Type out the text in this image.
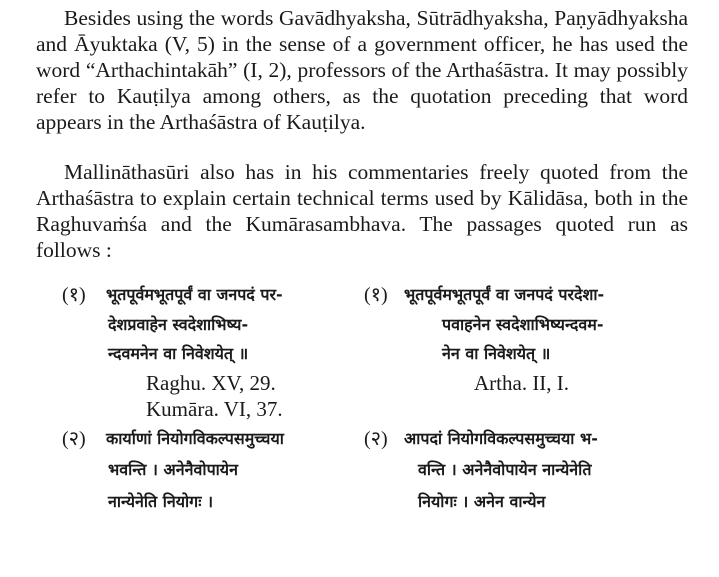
Besides using the words Gavādhyaksha, Sūtrādhyaksha, Paṇyādhyaksha and Āyuktaka (V, 5) in the sense of a government officer, he has used the word “Arthachintakāh” (I, 2), professors of the Arthaśāstra. It may possibly refer to Kauṭilya among others, as the quotation preceding that word appears in the Arthaśāstra of Kauṭilya.

Mallināthasūri also has in his commentaries freely quoted from the Arthaśāstra to explain certain technical terms used by Kālidāsa, both in the Raghuvaṁśa and the Kumārasambhava. The passages quoted run as follows :

(१) भूतपूर्वमभूतपूर्वं वा जनपदं पर-	(१) भूतपूर्वमभूतपूर्वं वा जनपदं परदेशा-
देशप्रवाहेन स्वदेशाभिष्य-	पवाहनेन स्वदेशाभिष्यन्दवम-
न्दवमनेन वा निवेशयेत् ॥	नेन वा निवेशयेत् ॥
Raghu. XV, 29.	Artha. II, I.
Kumāra. VI, 37.
(२) कार्याणां नियोगविकल्पसमुच्चया	(२) आपदां नियोगविकल्पसमुच्चया भ-
भवन्ति । अनेनैवोपायेन	वन्ति । अनेनैवोपायेन नान्येनेति
नान्येनेति नियोगः ।	नियोगः । अनेन वान्येन
